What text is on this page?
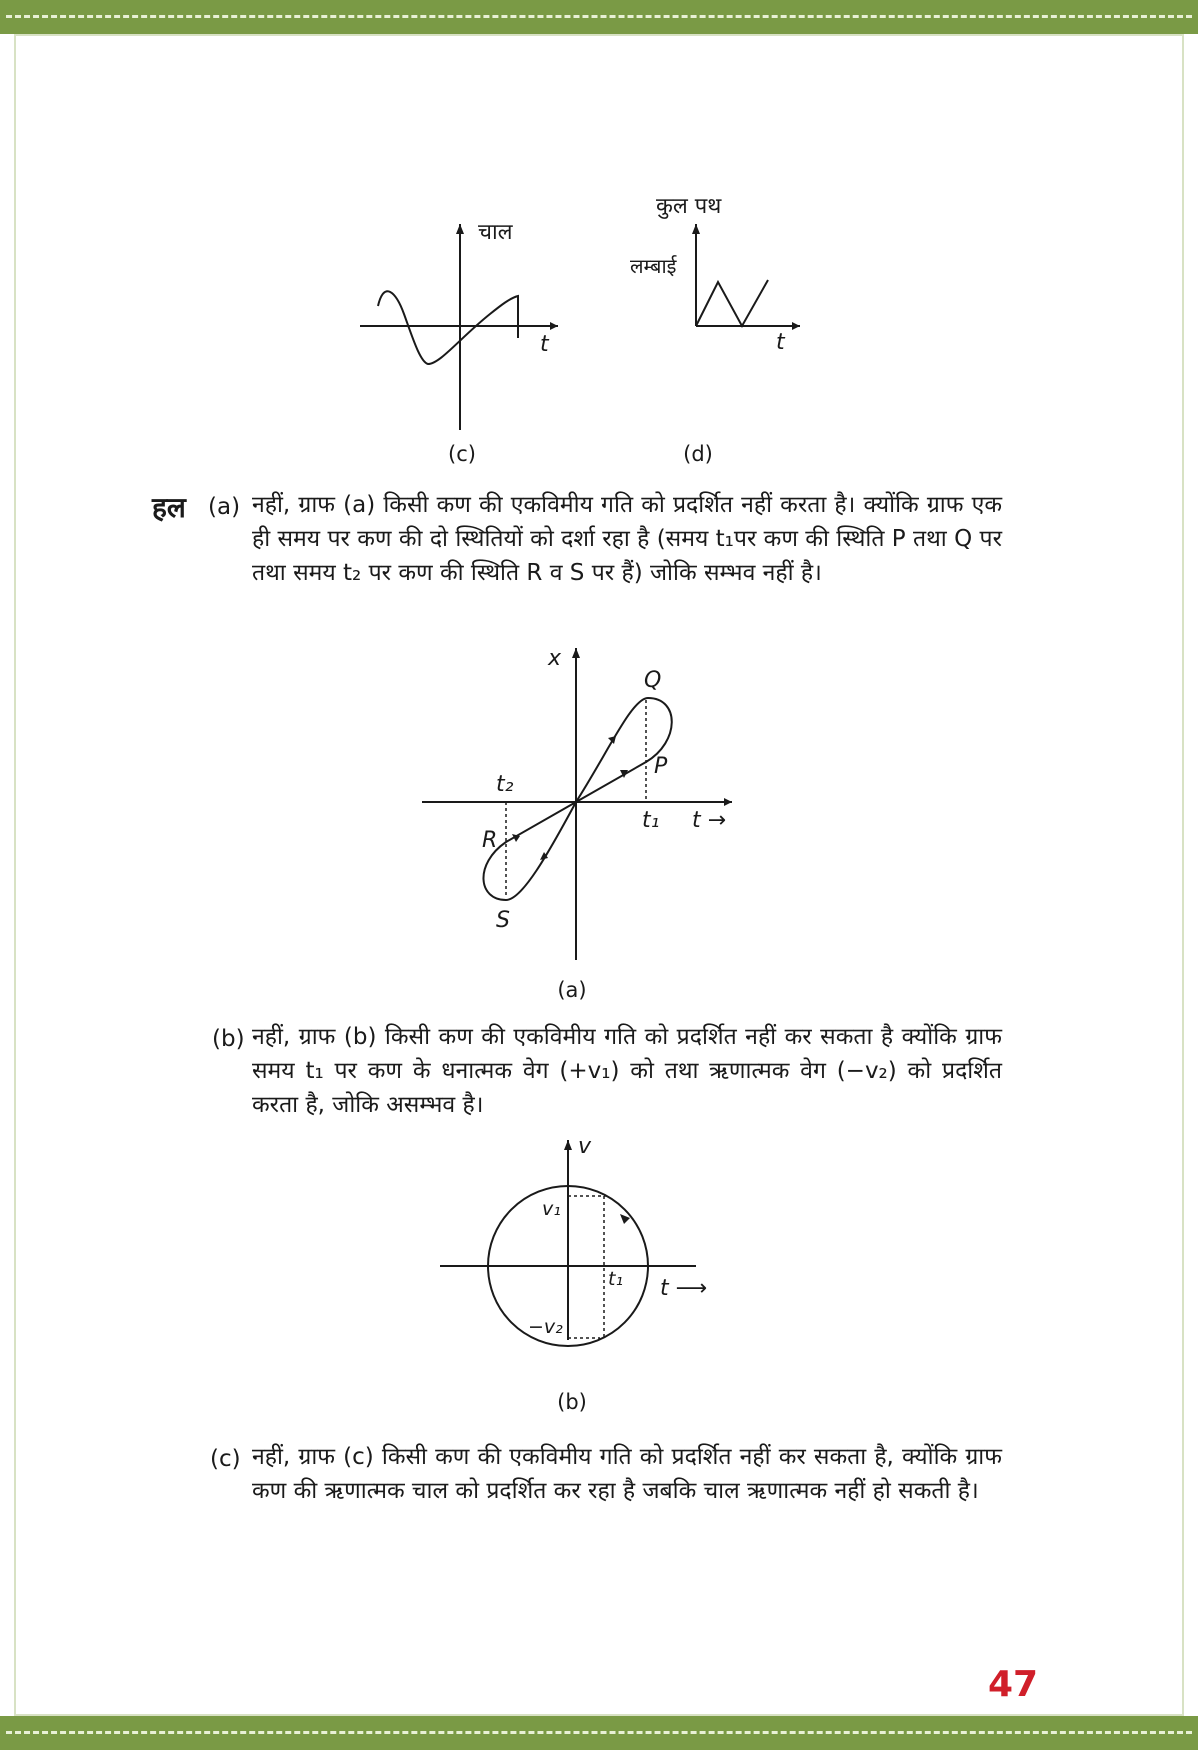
चाल
t
(c)
कुल पथ
लम्बाई
t
(d)
हल (a) नहीं, ग्राफ (a) किसी कण की एकविमीय गति को प्रदर्शित नहीं करता है। क्योंकि ग्राफ एक ही समय पर कण की दो स्थितियों को दर्शा रहा है (समय t₁पर कण की स्थिति P तथा Q पर तथा समय t₂ पर कण की स्थिति R व S पर हैं) जोकि सम्भव नहीं है।
x
t →
Q
P
R
S
t₁
t₂
(a)
(b) नहीं, ग्राफ (b) किसी कण की एकविमीय गति को प्रदर्शित नहीं कर सकता है क्योंकि ग्राफ समय t₁ पर कण के धनात्मक वेग (+v₁) को तथा ऋणात्मक वेग (−v₂) को प्रदर्शित करता है, जोकि असम्भव है।
v
t ⟶
v₁
−v₂
t₁
(b)
(c) नहीं, ग्राफ (c) किसी कण की एकविमीय गति को प्रदर्शित नहीं कर सकता है, क्योंकि ग्राफ कण की ऋणात्मक चाल को प्रदर्शित कर रहा है जबकि चाल ऋणात्मक नहीं हो सकती है।
47
